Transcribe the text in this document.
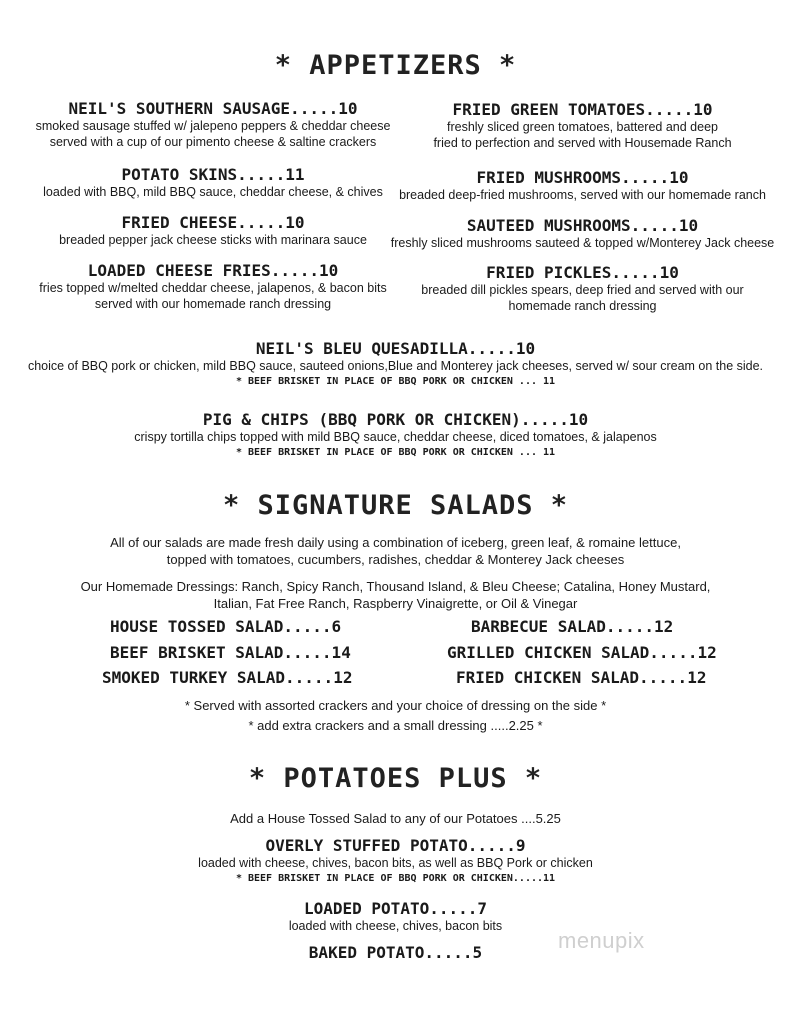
* APPETIZERS *
NEIL'S SOUTHERN SAUSAGE.....10
smoked sausage stuffed w/ jalepeno peppers & cheddar cheese
served with a cup of our pimento cheese & saltine crackers
POTATO SKINS.....11
loaded with BBQ, mild BBQ sauce, cheddar cheese, & chives
FRIED CHEESE.....10
breaded pepper jack cheese sticks with marinara sauce
LOADED CHEESE FRIES.....10
fries topped w/melted cheddar cheese, jalapenos, & bacon bits
served with our homemade ranch dressing
FRIED GREEN TOMATOES.....10
freshly sliced green tomatoes, battered and deep
fried to perfection and served with Housemade Ranch
FRIED MUSHROOMS.....10
breaded deep-fried mushrooms, served with our homemade ranch
SAUTEED MUSHROOMS.....10
freshly sliced mushrooms sauteed & topped w/Monterey Jack cheese
FRIED PICKLES.....10
breaded dill pickles spears, deep fried and served with our
homemade ranch dressing
NEIL'S BLEU QUESADILLA.....10
choice of BBQ pork or chicken, mild BBQ sauce, sauteed onions,Blue and Monterey jack cheeses, served w/ sour cream on the side.
* BEEF BRISKET IN PLACE OF BBQ PORK OR CHICKEN ... 11
PIG & CHIPS (BBQ PORK OR CHICKEN).....10
crispy tortilla chips topped with mild BBQ sauce, cheddar cheese, diced tomatoes, & jalapenos
* BEEF BRISKET IN PLACE OF BBQ PORK OR CHICKEN ... 11
* SIGNATURE SALADS *
All of our salads are made fresh daily using a combination of iceberg, green leaf, & romaine lettuce,
topped with tomatoes, cucumbers, radishes, cheddar & Monterey Jack cheeses
Our Homemade Dressings: Ranch, Spicy Ranch, Thousand Island, & Bleu Cheese; Catalina, Honey Mustard,
Italian, Fat Free Ranch, Raspberry Vinaigrette, or Oil & Vinegar
HOUSE TOSSED SALAD.....6
BEEF BRISKET SALAD.....14
SMOKED TURKEY SALAD.....12
BARBECUE SALAD.....12
GRILLED CHICKEN SALAD.....12
FRIED CHICKEN SALAD.....12
* Served with assorted crackers and your choice of dressing on the side *
* add extra crackers and a small dressing .....2.25 *
* POTATOES PLUS *
Add a House Tossed Salad to any of our Potatoes ....5.25
OVERLY STUFFED POTATO.....9
loaded with cheese, chives, bacon bits, as well as BBQ Pork or chicken
* BEEF BRISKET IN PLACE OF BBQ PORK OR CHICKEN.....11
LOADED POTATO.....7
loaded with cheese, chives, bacon bits
BAKED POTATO.....5	menupix
